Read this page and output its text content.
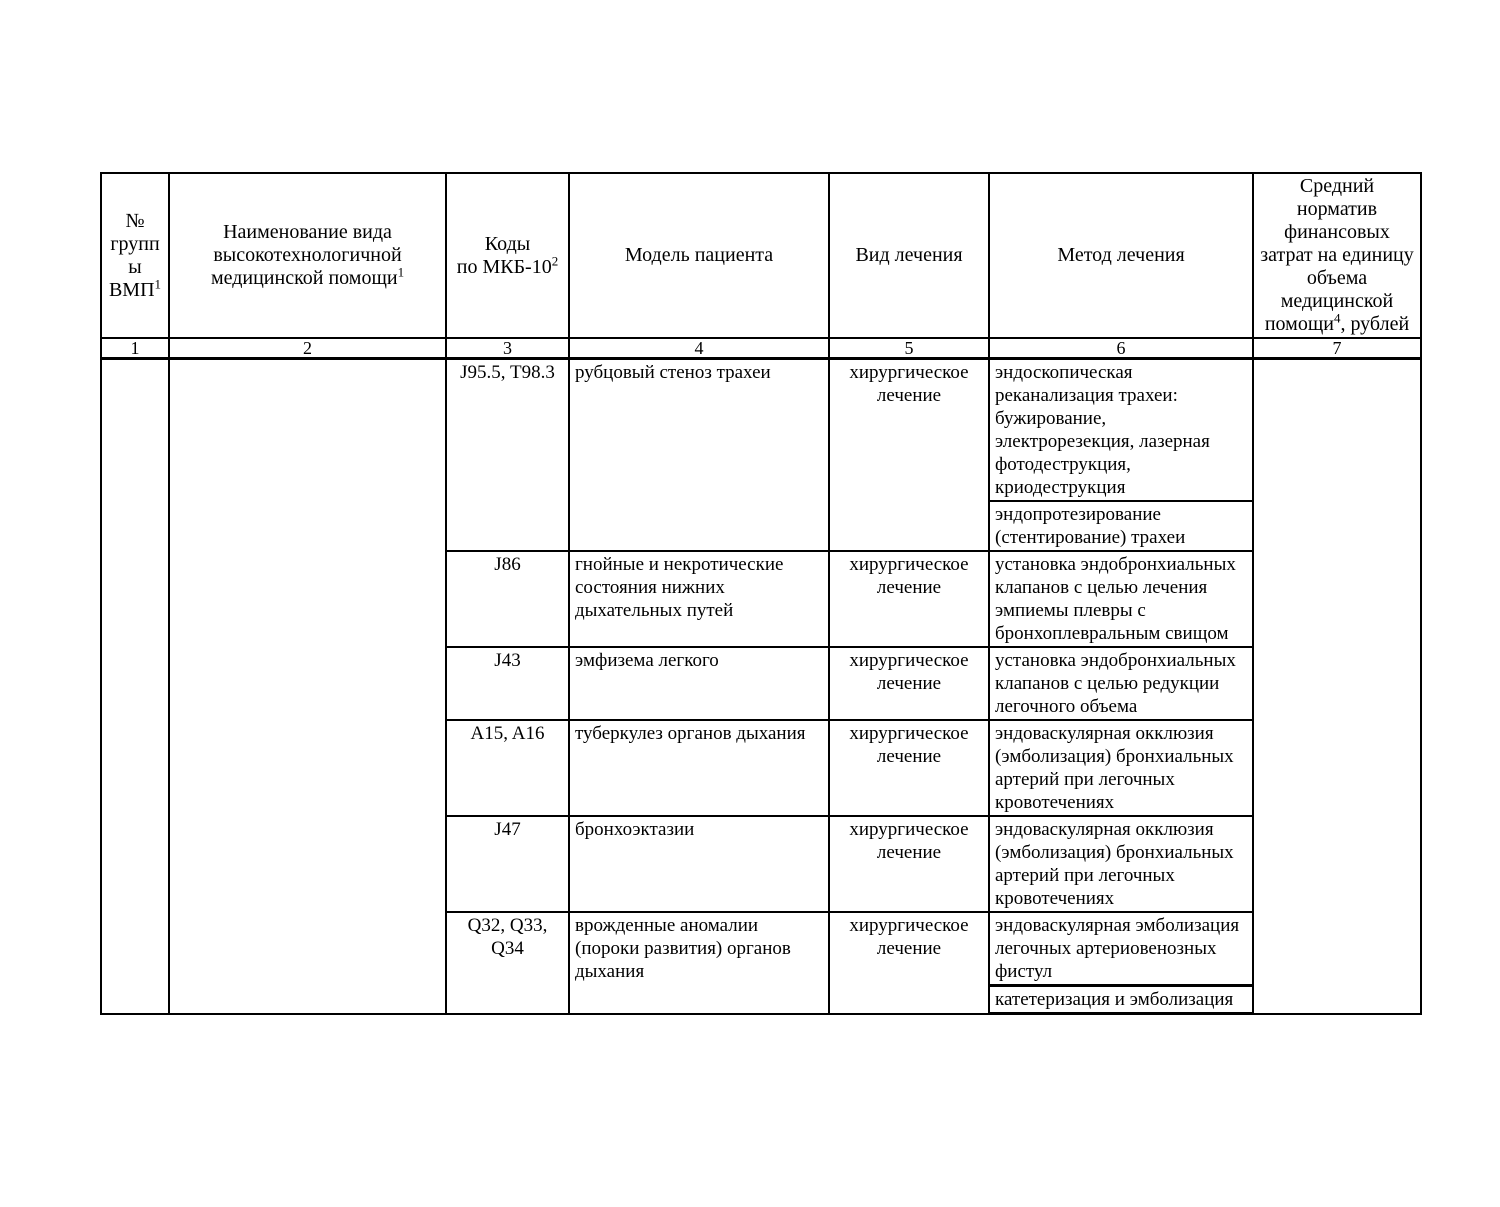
№ группы ВМП$^1$	Наименование вида высокотехнологичной медицинской помощи$^1$	Коды
по МКБ-$10^2$	Модель пациента	Вид лечения	Метод лечения	Средний норматив финансовых затрат на единицу объема медицинской помощи$^4$, рублей
1	2	3	4	5	6	7
		J95.5, T98.3	рубцовый стеноз трахеи	хирургическое лечение	эндоскопическая реканализация трахеи: бужирование, электрорезекция, лазерная фотодеструкция, криодеструкция	
					эндопротезирование (стентирование) трахеи	
		J86	гнойные и некротические состояния нижних дыхательных путей	хирургическое лечение	установка эндобронхиальных клапанов с целью лечения эмпиемы плевры с бронхоплевральным свищом	
		J43	эмфизема легкого	хирургическое лечение	установка эндобронхиальных клапанов с целью редукции легочного объема	
		A15, A16	туберкулез органов дыхания	хирургическое лечение	эндоваскулярная окклюзия (эмболизация) бронхиальных артерий при легочных кровотечениях	
		J47	бронхоэктазии	хирургическое лечение	эндоваскулярная окклюзия (эмболизация) бронхиальных артерий при легочных кровотечениях	
		Q32, Q33, Q34	врожденные аномалии (пороки развития) органов дыхания	хирургическое лечение	эндоваскулярная эмболизация легочных артериовенозных фистул	
					катетеризация и эмболизация	
